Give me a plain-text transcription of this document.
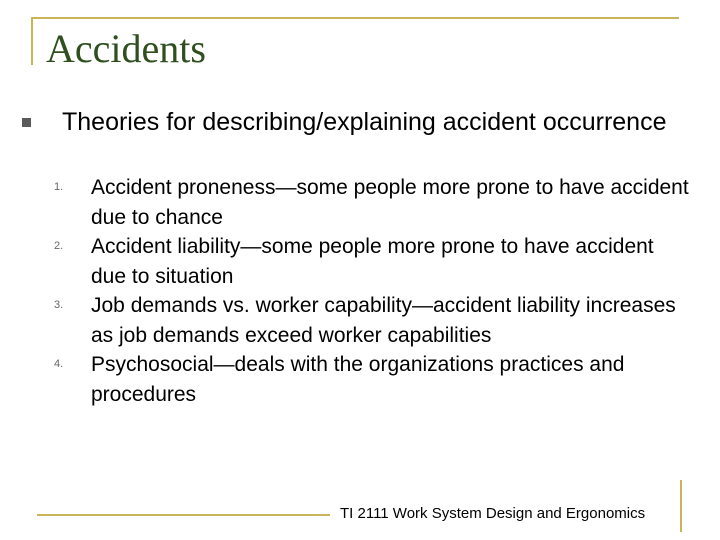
Accidents
Theories for describing/explaining accident occurrence
1. Accident proneness—some people more prone to have accident due to chance
2. Accident liability—some people more prone to have accident due to situation
3. Job demands vs. worker capability—accident liability increases as job demands exceed worker capabilities
4. Psychosocial—deals with the organizations practices and procedures
TI 2111 Work System Design and Ergonomics
